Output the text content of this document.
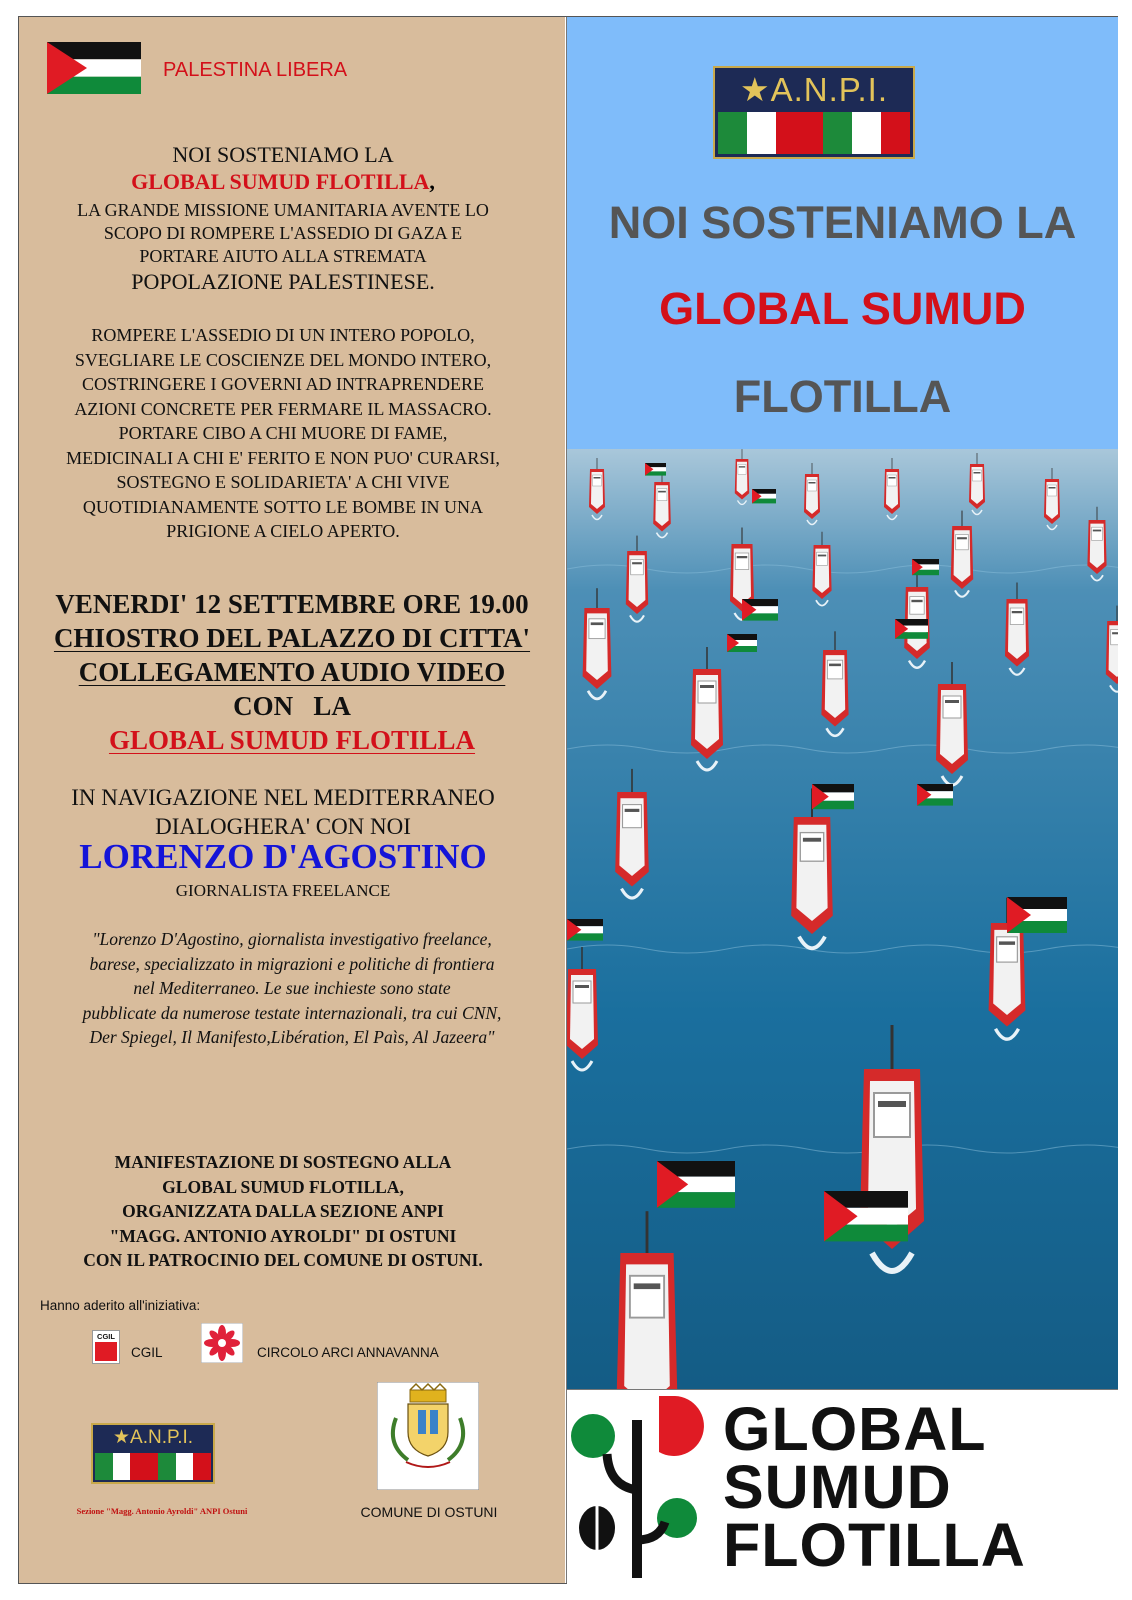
PALESTINA LIBERA
NOI SOSTENIAMO LA
GLOBAL SUMUD FLOTILLA,
LA GRANDE MISSIONE UMANITARIA AVENTE LO
SCOPO DI ROMPERE L'ASSEDIO DI GAZA E
PORTARE AIUTO ALLA STREMATA
POPOLAZIONE PALESTINESE.
ROMPERE L'ASSEDIO DI UN INTERO POPOLO,
SVEGLIARE LE COSCIENZE DEL MONDO INTERO,
COSTRINGERE I GOVERNI AD INTRAPRENDERE
AZIONI CONCRETE PER FERMARE IL MASSACRO.
PORTARE CIBO A CHI MUORE DI FAME,
MEDICINALI A CHI E' FERITO E NON PUO' CURARSI,
SOSTEGNO E SOLIDARIETA' A CHI VIVE
QUOTIDIANAMENTE SOTTO LE BOMBE IN UNA
PRIGIONE A CIELO APERTO.
VENERDI' 12 SETTEMBRE ORE 19.00
CHIOSTRO DEL PALAZZO DI CITTA'
COLLEGAMENTO AUDIO VIDEO
CON   LA
GLOBAL SUMUD FLOTILLA
IN NAVIGAZIONE NEL MEDITERRANEO
DIALOGHERA' CON NOI
LORENZO D'AGOSTINO
GIORNALISTA FREELANCE
"Lorenzo D'Agostino, giornalista investigativo freelance,
barese, specializzato in migrazioni e politiche di frontiera
nel Mediterraneo. Le sue inchieste sono state
pubblicate da numerose testate internazionali, tra cui CNN,
Der Spiegel, Il Manifesto,Libération, El Paìs, Al Jazeera"
MANIFESTAZIONE DI SOSTEGNO ALLA
GLOBAL SUMUD FLOTILLA,
ORGANIZZATA DALLA SEZIONE ANPI
"MAGG. ANTONIO AYROLDI" DI OSTUNI
CON IL PATROCINIO DEL COMUNE DI OSTUNI.
Hanno aderito all'iniziativa:
CGIL
CGIL	CIRCOLO ARCI ANNAVANNA
★A.N.P.I.
Sezione "Magg. Antonio Ayroldi" ANPI Ostuni	COMUNE DI OSTUNI
★A.N.P.I.
NOI SOSTENIAMO LA
GLOBAL SUMUD
FLOTILLA
GLOBAL
SUMUD
FLOTILLA
